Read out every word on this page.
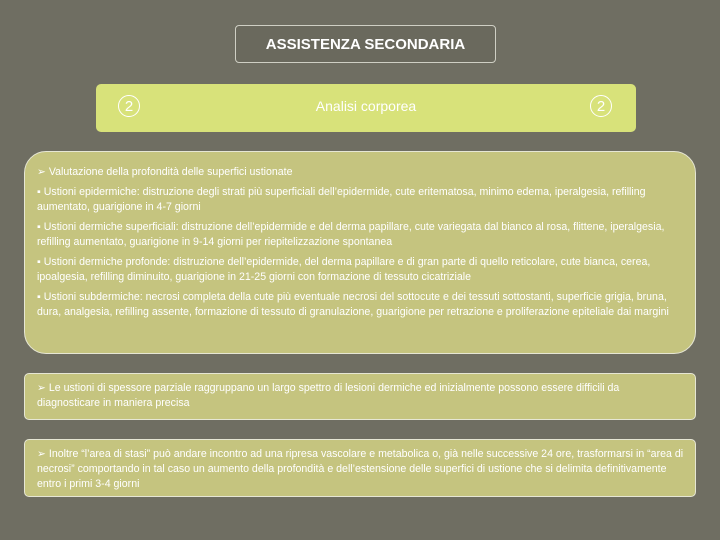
ASSISTENZA SECONDARIA
2	Analisi corporea	2

➢ Valutazione della profondità delle superfici ustionate

▪ Ustioni epidermiche: distruzione degli strati più superficiali dell’epidermide, cute eritematosa, minimo edema, iperalgesia, refilling aumentato, guarigione in 4-7 giorni

▪ Ustioni dermiche superficiali: distruzione dell’epidermide e del derma papillare, cute variegata dal bianco al rosa, flittene, iperalgesia, refilling aumentato, guarigione in 9-14 giorni per riepitelizzazione spontanea

▪ Ustioni dermiche profonde: distruzione dell’epidermide, del derma papillare e di gran parte di quello reticolare, cute bianca, cerea, ipoalgesia, refilling diminuito, guarigione in 21-25 giorni con formazione di tessuto cicatriziale

▪ Ustioni subdermiche: necrosi completa della cute più eventuale necrosi del sottocute e dei tessuti sottostanti, superficie grigia, bruna, dura, analgesia, refilling assente, formazione di tessuto di granulazione, guarigione per retrazione e proliferazione epiteliale dai margini

➢ Le ustioni di spessore parziale raggruppano un largo spettro di lesioni dermiche ed inizialmente possono essere difficili da diagnosticare in maniera precisa

➢ Inoltre “l’area di stasi” può andare incontro ad una ripresa vascolare e metabolica o, già nelle successive 24 ore, trasformarsi in “area di necrosi” comportando in tal caso un aumento della profondità e dell’estensione delle superfici di ustione che si delimita definitivamente entro i primi 3-4 giorni
